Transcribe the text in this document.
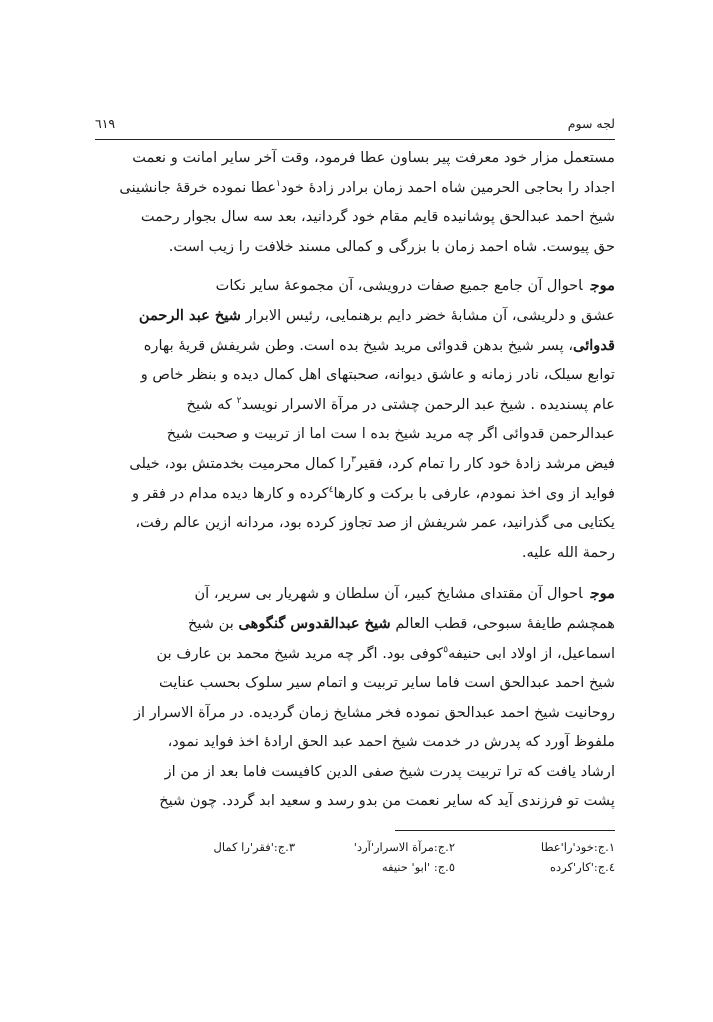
لجه سوم
٦١٩

مستعمل مزار خود معرفت پیر بساون عطا فرمود، وقت آخر سایر امانت و نعمت
اجداد را بحاجی الحرمین شاه احمد زمان برادر زادهٔ خود$^١$عطا نموده خرقهٔ جانشینی
شیخ احمد عبدالحق پوشانیده قایم مقام خود گردانید، بعد سه سال بجوار رحمت
حق پیوست. شاه احمد زمان با بزرگی و کمالی مسند خلافت را زیب است.

موجاحوال آن جامع جمیع صفات درویشی، آن مجموعهٔ سایر نکات
عشق و دلریشی، آن مشابهٔ خضر دایم برهنمایی، رئیس الابرار شیخ عبد الرحمن
قدوائی، پسر شیخ بدهن قدوائی مرید شیخ بده است. وطن شریفش قریهٔ بهاره
توابع سیلک، نادر زمانه و عاشق دیوانه، صحبتهای اهل کمال دیده و بنظر خاص و
عام پسندیده . شیخ عبد الرحمن چشتی در مرآة الاسرار نویسد$^٢$ که شیخ
عبدالرحمن قدوائی اگر چه مرید شیخ بده ا ست اما از تربیت و صحبت شیخ
فیض مرشد زادهٔ خود کار را تمام کرد، فقیر$^٣$را کمال محرمیت بخدمتش بود، خیلی
فواید از وی اخذ نمودم، عارفی با برکت و کارها$^٤$کرده و کارها دیده مدام در فقر و
یکتایی می گذرانید، عمر شریفش از صد تجاوز کرده بود، مردانه ازین عالم رفت،
رحمة الله علیه.

موجاحوال آن مقتدای مشایخ کبیر، آن سلطان و شهریار بی سریر، آن
همچشم طایفهٔ سبوحی، قطب العالم شیخ عبدالقدوس گنگوهی بن شیخ
اسماعیل، از اولاد ابی حنیفه$^٥$کوفی بود. اگر چه مرید شیخ محمد بن عارف بن
شیخ احمد عبدالحق است فاما سایر تربیت و اتمام سیر سلوک بحسب عنایت
روحانیت شیخ احمد عبدالحق نموده فخر مشایخ زمان گردیده. در مرآة الاسرار از
ملفوظ آورد که پدرش در خدمت شیخ احمد عبد الحق ارادهٔ اخذ فواید نمود،
ارشاد یافت که ترا تربیت پدرت شیخ صفی الدین کافیست فاما بعد از من از
پشت تو فرزندی آید که سایر نعمت من بدو رسد و سعید ابد گردد. چون شیخ

١.ج:خود'را'عطا
٢.ج:مرآة الاسرار'آرد'
٣.ج:'فقر'را کمال
٤.ج:'کار'کرده
٥.ج: 'ابو' حنیفه
